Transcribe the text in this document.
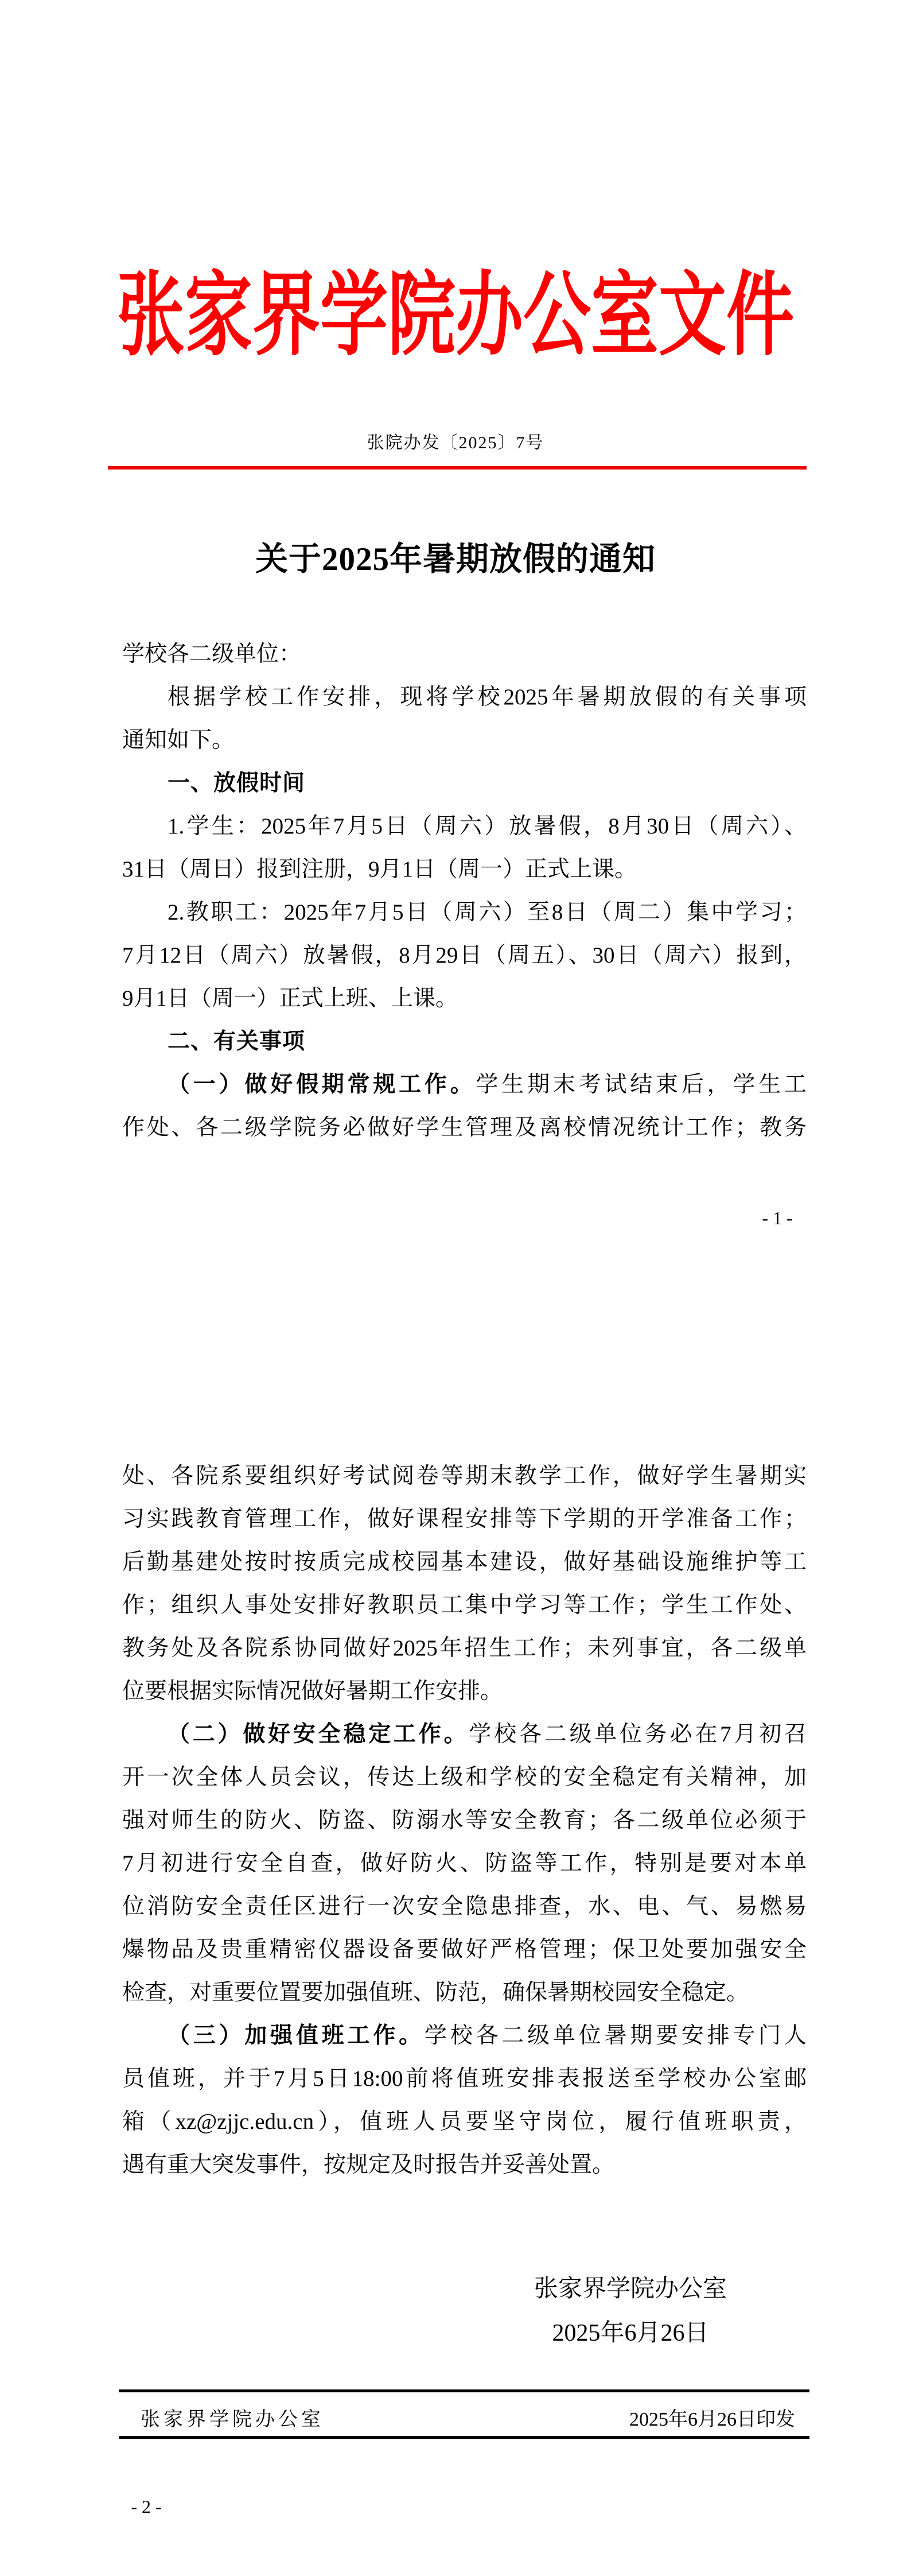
张家界学院办公室文件
张院办发〔2025〕7号
关于2025年暑期放假的通知
学校各二级单位：
根据学校工作安排，现将学校2025年暑期放假的有关事项
通知如下。
一、放假时间
1.学生：2025年7月5日（周六）放暑假，8月30日（周六）、
31日（周日）报到注册，9月1日（周一）正式上课。
2.教职工：2025年7月5日（周六）至8日（周二）集中学习；
7月12日（周六）放暑假，8月29日（周五）、30日（周六）报到，
9月1日（周一）正式上班、上课。
二、有关事项
（一）做好假期常规工作。学生期末考试结束后，学生工
作处、各二级学院务必做好学生管理及离校情况统计工作；教务
- 1 -
处、各院系要组织好考试阅卷等期末教学工作，做好学生暑期实
习实践教育管理工作，做好课程安排等下学期的开学准备工作；
后勤基建处按时按质完成校园基本建设，做好基础设施维护等工
作；组织人事处安排好教职员工集中学习等工作；学生工作处、
教务处及各院系协同做好2025年招生工作；未列事宜，各二级单
位要根据实际情况做好暑期工作安排。
（二）做好安全稳定工作。学校各二级单位务必在7月初召
开一次全体人员会议，传达上级和学校的安全稳定有关精神，加
强对师生的防火、防盗、防溺水等安全教育；各二级单位必须于
7月初进行安全自查，做好防火、防盗等工作，特别是要对本单
位消防安全责任区进行一次安全隐患排查，水、电、气、易燃易
爆物品及贵重精密仪器设备要做好严格管理；保卫处要加强安全
检查，对重要位置要加强值班、防范，确保暑期校园安全稳定。
（三）加强值班工作。学校各二级单位暑期要安排专门人
员值班，并于7月5日18:00前将值班安排表报送至学校办公室邮
箱（xz@zjjc.edu.cn），值班人员要坚守岗位，履行值班职责，
遇有重大突发事件，按规定及时报告并妥善处置。
张家界学院办公室
2025年6月26日
张家界学院办公室	2025年6月26日印发
- 2 -
